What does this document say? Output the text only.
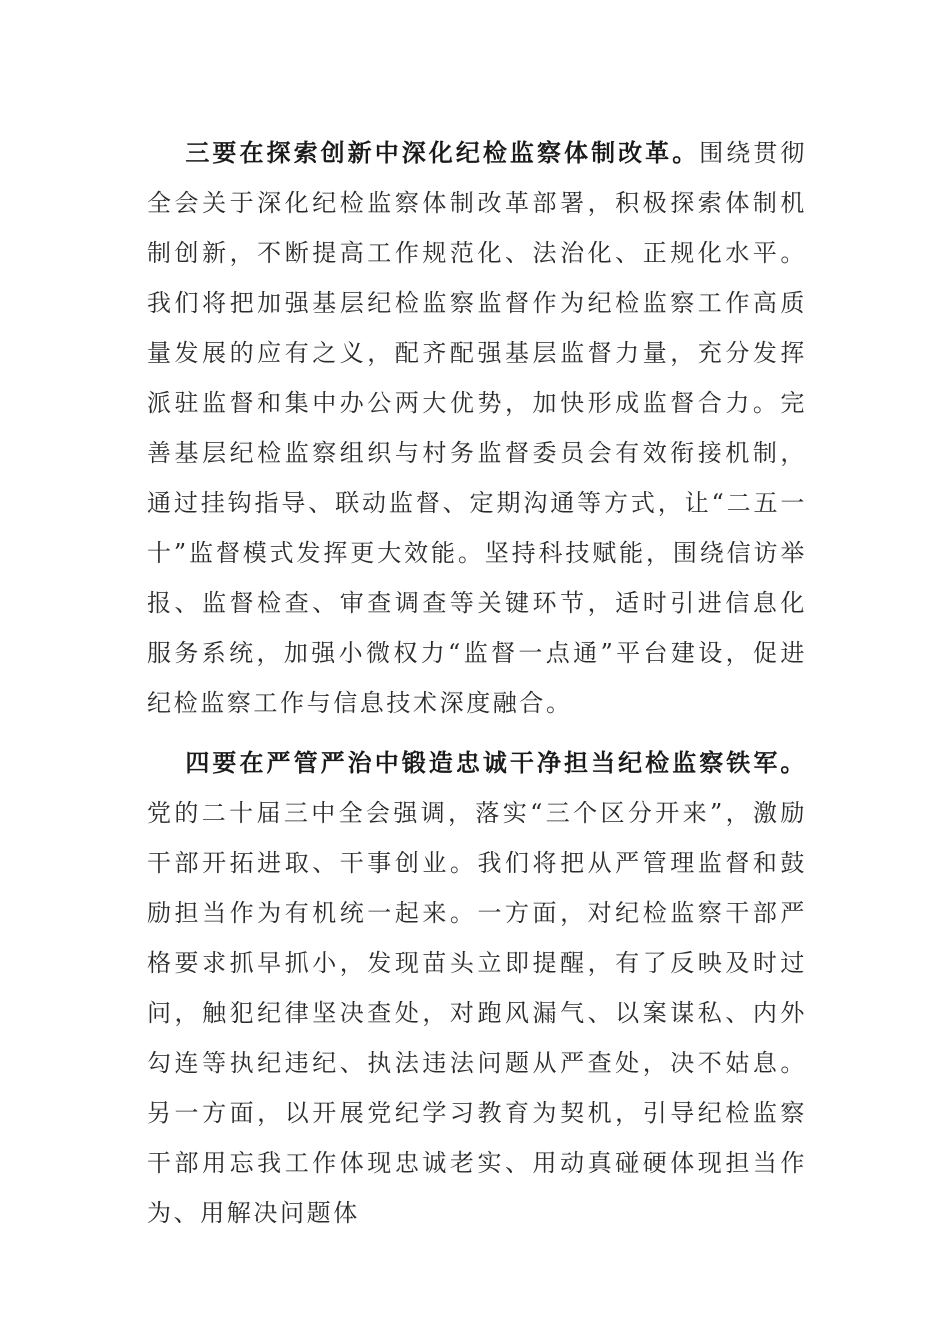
三要在探索创新中深化纪检监察体制改革。围绕贯彻全会关于深化纪检监察体制改革部署，积极探索体制机制创新，不断提高工作规范化、法治化、正规化水平。我们将把加强基层纪检监察监督作为纪检监察工作高质量发展的应有之义，配齐配强基层监督力量，充分发挥派驻监督和集中办公两大优势，加快形成监督合力。完善基层纪检监察组织与村务监督委员会有效衔接机制，通过挂钩指导、联动监督、定期沟通等方式，让“二五一十”监督模式发挥更大效能。坚持科技赋能，围绕信访举报、监督检查、审查调查等关键环节，适时引进信息化服务系统，加强小微权力“监督一点通”平台建设，促进纪检监察工作与信息技术深度融合。

四要在严管严治中锻造忠诚干净担当纪检监察铁军。党的二十届三中全会强调，落实“三个区分开来”，激励干部开拓进取、干事创业。我们将把从严管理监督和鼓励担当作为有机统一起来。一方面，对纪检监察干部严格要求抓早抓小，发现苗头立即提醒，有了反映及时过问，触犯纪律坚决查处，对跑风漏气、以案谋私、内外勾连等执纪违纪、执法违法问题从严查处，决不姑息。另一方面，以开展党纪学习教育为契机，引导纪检监察干部用忘我工作体现忠诚老实、用动真碰硬体现担当作为、用解决问题体
